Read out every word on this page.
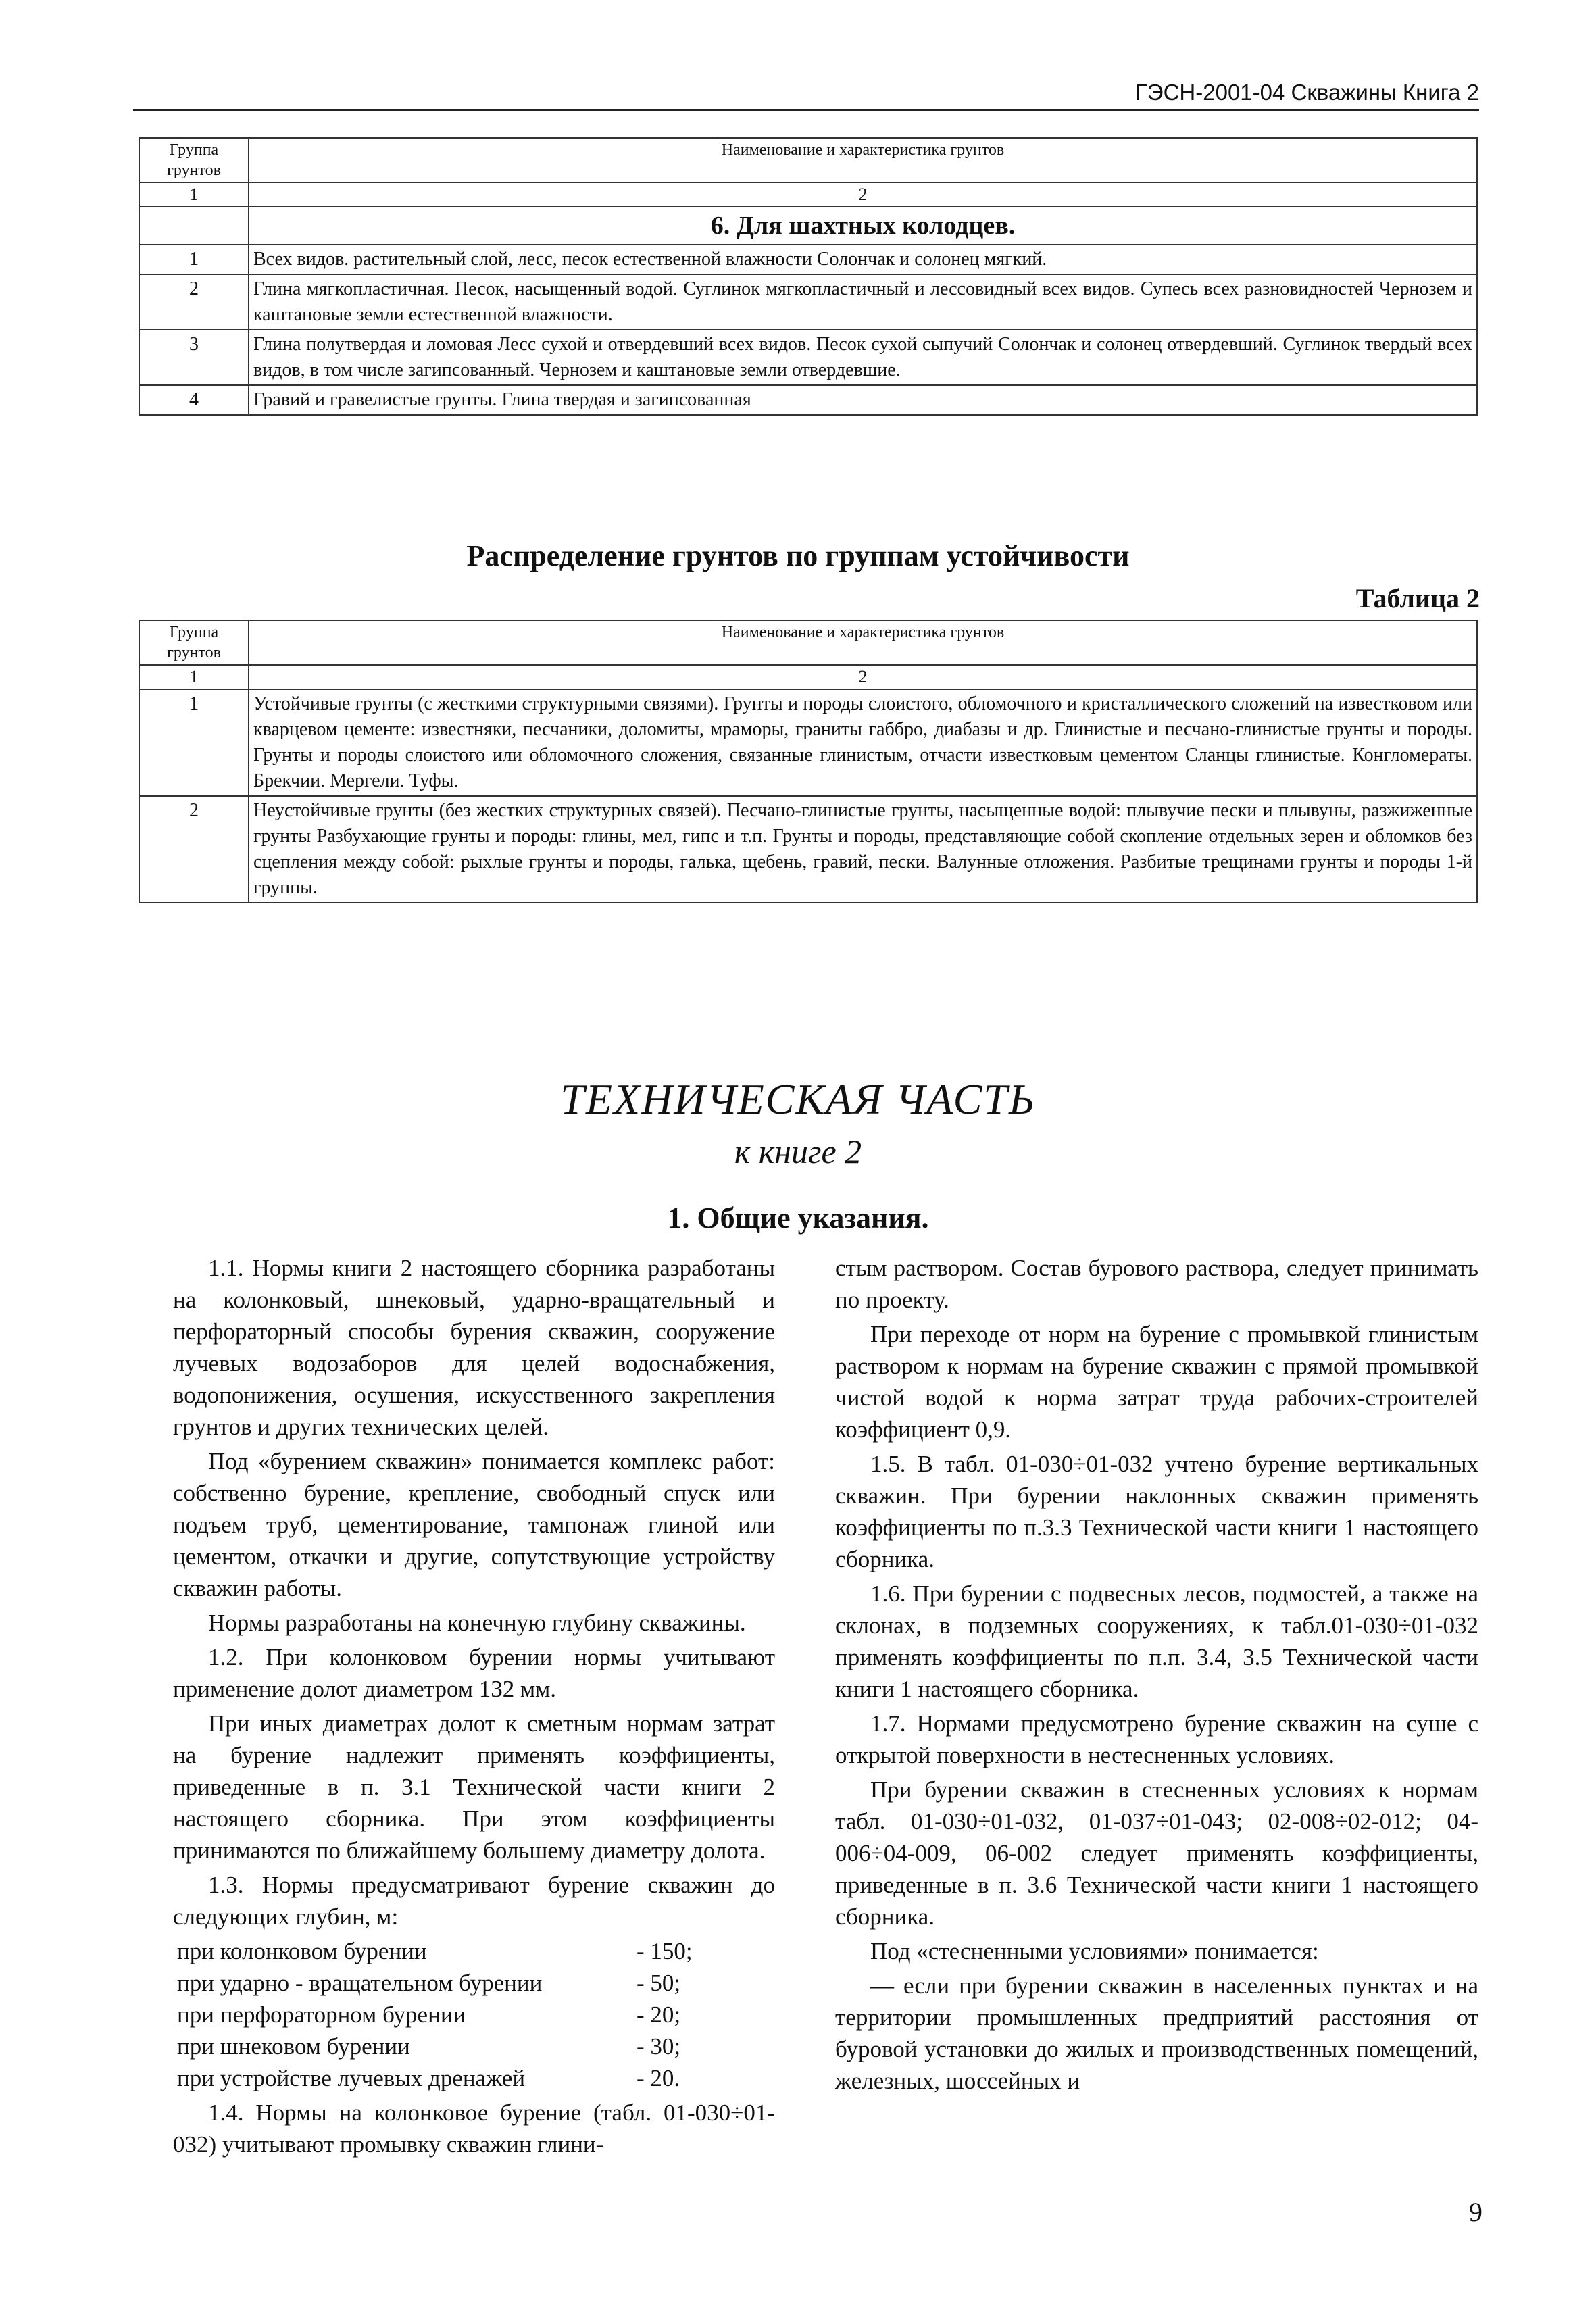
ГЭСН-2001-04 Скважины Книга 2
Группа грунтов	Наименование и характеристика грунтов
1	2
	6. Для шахтных колодцев.
1	Всех видов. растительный слой, лесс, песок естественной влажности Солончак и солонец мягкий.
2	Глина мягкопластичная. Песок, насыщенный водой. Суглинок мягкопластичный и лессовидный всех видов. Супесь всех разновидностей Чернозем и каштановые земли естественной влажности.
3	Глина полутвердая и ломовая Лесс сухой и отвердевший всех видов. Песок сухой сыпучий Солончак и солонец отвердевший. Суглинок твердый всех видов, в том числе загипсованный. Чернозем и каштановые земли отвердевшие.
4	Гравий и гравелистые грунты. Глина твердая и загипсованная
Распределение грунтов по группам устойчивости
Таблица 2
Группа грунтов	Наименование и характеристика грунтов
1	2
1	Устойчивые грунты (с жесткими структурными связями). Грунты и породы слоистого, обломочного и кристаллического сложений на известковом или кварцевом цементе: известняки, песчаники, доломиты, мраморы, граниты габбро, диабазы и др. Глинистые и песчано-глинистые грунты и породы. Грунты и породы слоистого или обломочного сложения, связанные глинистым, отчасти известковым цементом Сланцы глинистые. Конгломераты. Брекчии. Мергели. Туфы.
2	Неустойчивые грунты (без жестких структурных связей). Песчано-глинистые грунты, насыщенные водой: плывучие пески и плывуны, разжиженные грунты Разбухающие грунты и породы: глины, мел, гипс и т.п. Грунты и породы, представляющие собой скопление отдельных зерен и обломков без сцепления между собой: рыхлые грунты и породы, галька, щебень, гравий, пески. Валунные отложения. Разбитые трещинами грунты и породы 1-й группы.
ТЕХНИЧЕСКАЯ ЧАСТЬ
к книге 2
1. Общие указания.

1.1. Нормы книги 2 настоящего сборника разработаны на колонковый, шнековый, ударно-вращательный и перфораторный способы бурения скважин, сооружение лучевых водозаборов для целей водоснабжения, водопонижения, осушения, искусственного закрепления грунтов и других технических целей.

Под «бурением скважин» понимается комплекс работ: собственно бурение, крепление, свободный спуск или подъем труб, цементирование, тампонаж глиной или цементом, откачки и другие, сопутствующие устройству скважин работы.

Нормы разработаны на конечную глубину скважины.

1.2. При колонковом бурении нормы учитывают применение долот диаметром 132 мм.

При иных диаметрах долот к сметным нормам затрат на бурение надлежит применять коэффициенты, приведенные в п. 3.1 Технической части книги 2 настоящего сборника. При этом коэффициенты принимаются по ближайшему большему диаметру долота.

1.3. Нормы предусматривают бурение скважин до следующих глубин, м:

при колонковом бурении	- 150;
при ударно - вращательном бурении	- 50;
при перфораторном бурении	- 20;
при шнековом бурении	- 30;
при устройстве лучевых дренажей	- 20.

1.4. Нормы на колонковое бурение (табл. 01-030÷01-032) учитывают промывку скважин глини-

стым раствором. Состав бурового раствора, следует принимать по проекту.

При переходе от норм на бурение с промывкой глинистым раствором к нормам на бурение скважин с прямой промывкой чистой водой к норма затрат труда рабочих-строителей коэффициент 0,9.

1.5. В табл. 01-030÷01-032 учтено бурение вертикальных скважин. При бурении наклонных скважин применять коэффициенты по п.3.3 Технической части книги 1 настоящего сборника.

1.6. При бурении с подвесных лесов, подмостей, а также на склонах, в подземных сооружениях, к табл.01-030÷01-032 применять коэффициенты по п.п. 3.4, 3.5 Технической части книги 1 настоящего сборника.

1.7. Нормами предусмотрено бурение скважин на суше с открытой поверхности в нестесненных условиях.

При бурении скважин в стесненных условиях к нормам табл. 01-030÷01-032, 01-037÷01-043; 02-008÷02-012; 04-006÷04-009, 06-002 следует применять коэффициенты, приведенные в п. 3.6 Технической части книги 1 настоящего сборника.

Под «стесненными условиями» понимается:

— если при бурении скважин в населенных пунктах и на территории промышленных предприятий расстояния от буровой установки до жилых и производственных помещений, железных, шоссейных и

9
